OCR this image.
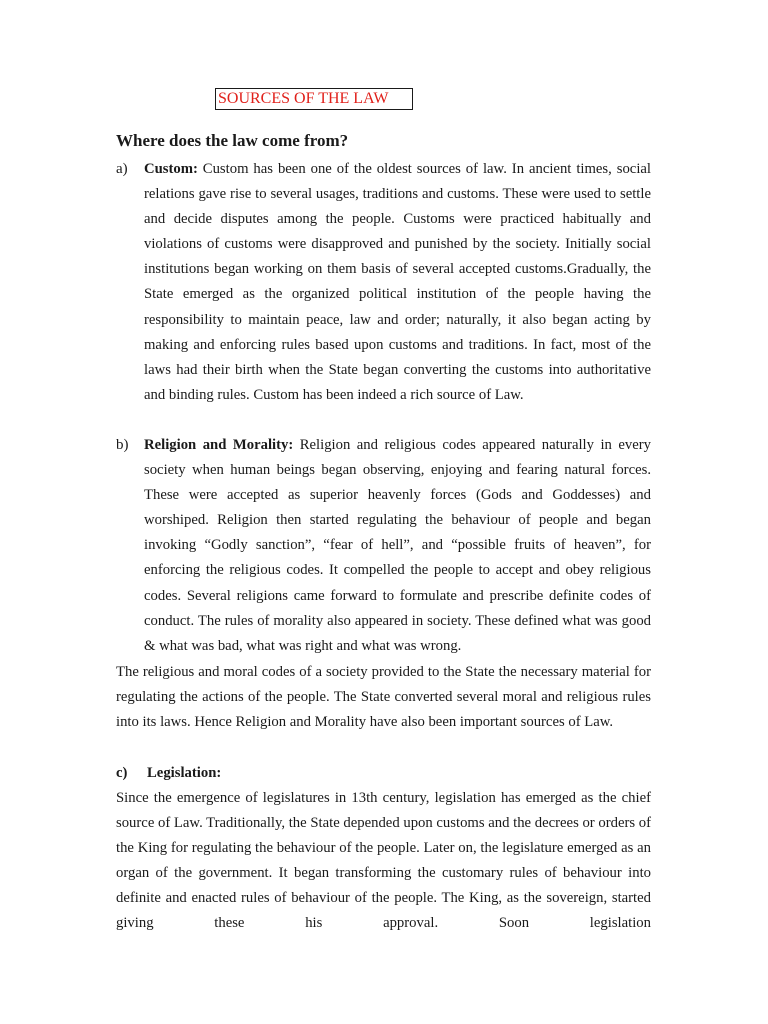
SOURCES OF THE LAW
Where does the law come from?
a) Custom: Custom has been one of the oldest sources of law. In ancient times, social relations gave rise to several usages, traditions and customs. These were used to settle and decide disputes among the people. Customs were practiced habitually and violations of customs were disapproved and punished by the society. Initially social institutions began working on them basis of several accepted customs.Gradually, the State emerged as the organized political institution of the people having the responsibility to maintain peace, law and order; naturally, it also began acting by making and enforcing rules based upon customs and traditions. In fact, most of the laws had their birth when the State began converting the customs into authoritative and binding rules. Custom has been indeed a rich source of Law.
b) Religion and Morality: Religion and religious codes appeared naturally in every society when human beings began observing, enjoying and fearing natural forces. These were accepted as superior heavenly forces (Gods and Goddesses) and worshiped. Religion then started regulating the behaviour of people and began invoking “Godly sanction”, “fear of hell”, and “possible fruits of heaven”, for enforcing the religious codes. It compelled the people to accept and obey religious codes. Several religions came forward to formulate and prescribe definite codes of conduct. The rules of morality also appeared in society. These defined what was good & what was bad, what was right and what was wrong.
The religious and moral codes of a society provided to the State the necessary material for regulating the actions of the people. The State converted several moral and religious rules into its laws. Hence Religion and Morality have also been important sources of Law.
c) Legislation:
Since the emergence of legislatures in 13th century, legislation has emerged as the chief source of Law. Traditionally, the State depended upon customs and the decrees or orders of the King for regulating the behaviour of the people. Later on, the legislature emerged as an organ of the government. It began transforming the customary rules of behaviour into definite and enacted rules of behaviour of the people. The King, as the sovereign, started giving these his approval. Soon legislation
